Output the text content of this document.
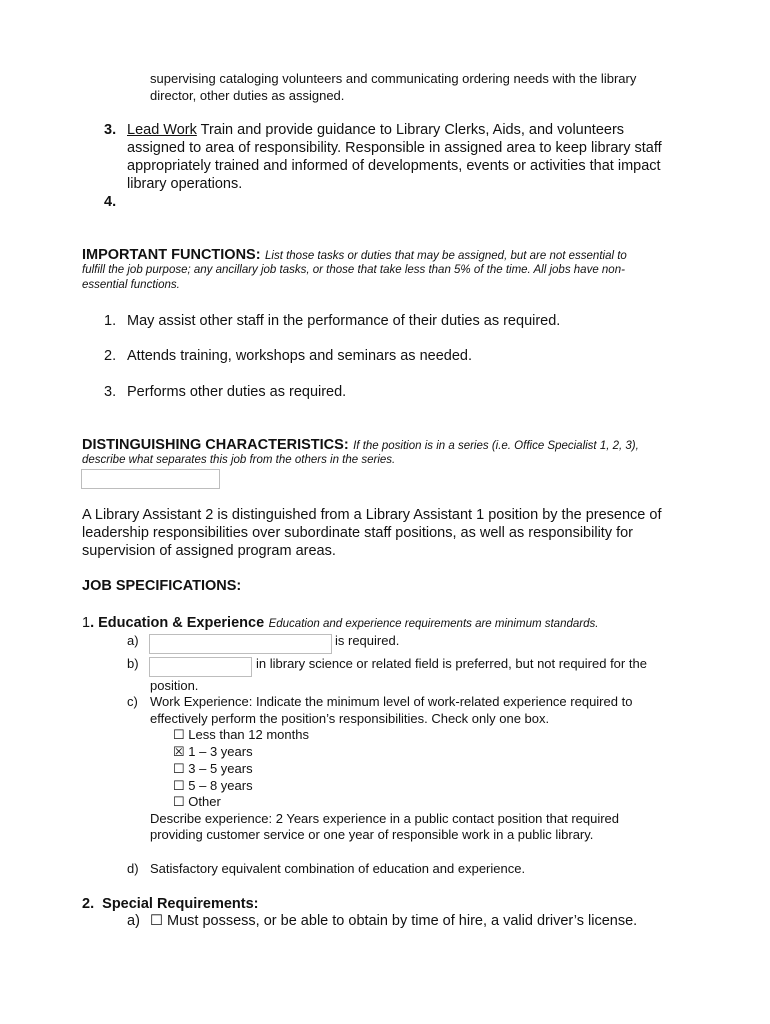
supervising cataloging volunteers and communicating ordering needs with the library
director, other duties as assigned.
3. Lead Work Train and provide guidance to Library Clerks, Aids, and volunteers
assigned to area of responsibility. Responsible in assigned area to keep library staff
appropriately trained and informed of developments, events or activities that impact
library operations.
4.
IMPORTANT FUNCTIONS: List those tasks or duties that may be assigned, but are not essential to
fulfill the job purpose; any ancillary job tasks, or those that take less than 5% of the time. All jobs have non-
essential functions.
1. May assist other staff in the performance of their duties as required.
2. Attends training, workshops and seminars as needed.
3. Performs other duties as required.
DISTINGUISHING CHARACTERISTICS: If the position is in a series (i.e. Office Specialist 1, 2, 3),
describe what separates this job from the others in the series.
A Library Assistant 2 is distinguished from a Library Assistant 1 position by the presence of
leadership responsibilities over subordinate staff positions, as well as responsibility for
supervision of assigned program areas.
JOB SPECIFICATIONS:
1. Education & Experience Education and experience requirements are minimum standards.
a)	is required.
b)	in library science or related field is preferred, but not required for the
position.
c) Work Experience: Indicate the minimum level of work-related experience required to
effectively perform the position’s responsibilities. Check only one box.
☐ Less than 12 months
☒ 1 – 3 years
☐ 3 – 5 years
☐ 5 – 8 years
☐ Other
Describe experience: 2 Years experience in a public contact position that required
providing customer service or one year of responsible work in a public library.
d) Satisfactory equivalent combination of education and experience.
2.  Special Requirements:
a) ☐ Must possess, or be able to obtain by time of hire, a valid driver’s license.
